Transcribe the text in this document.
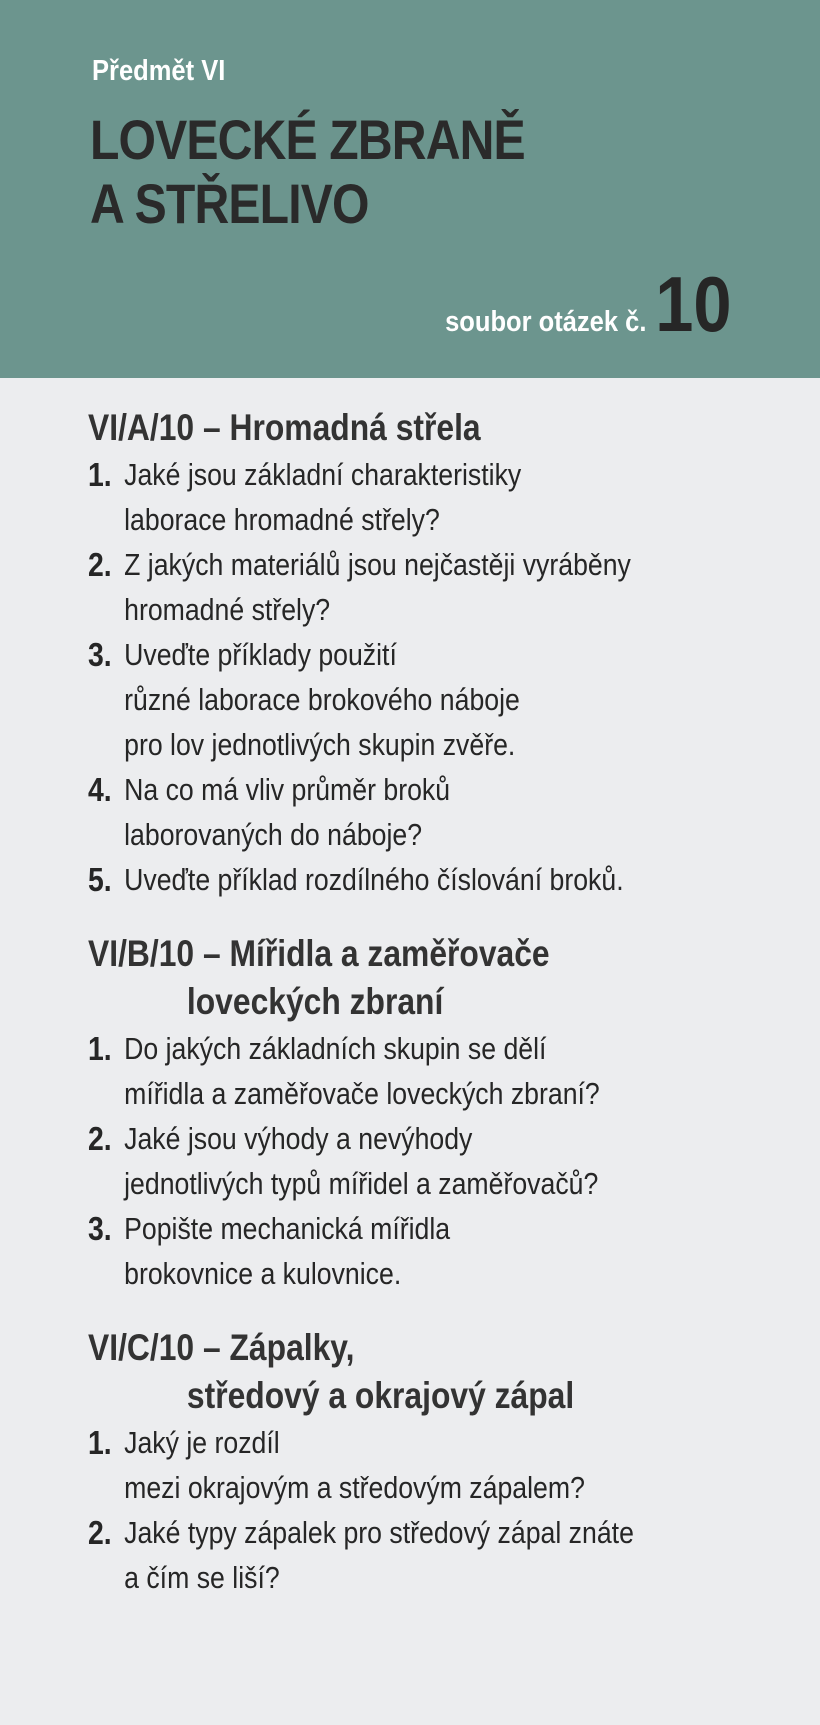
Předmět VI
LOVECKÉ ZBRANĚ
A STŘELIVO
soubor otázek č. 10
VI/A/10 – Hromadná střela
1. Jaké jsou základní charakteristiky
laborace hromadné střely?
2. Z jakých materiálů jsou nejčastěji vyráběny
hromadné střely?
3. Uveďte příklady použití
různé laborace brokového náboje
pro lov jednotlivých skupin zvěře.
4. Na co má vliv průměr broků
laborovaných do náboje?
5. Uveďte příklad rozdílného číslování broků.
VI/B/10 – Mířidla a zaměřovače
loveckých zbraní
1. Do jakých základních skupin se dělí
mířidla a zaměřovače loveckých zbraní?
2. Jaké jsou výhody a nevýhody
jednotlivých typů mířidel a zaměřovačů?
3. Popište mechanická mířidla
brokovnice a kulovnice.
VI/C/10 – Zápalky,
středový a okrajový zápal
1. Jaký je rozdíl
mezi okrajovým a středovým zápalem?
2. Jaké typy zápalek pro středový zápal znáte
a čím se liší?
